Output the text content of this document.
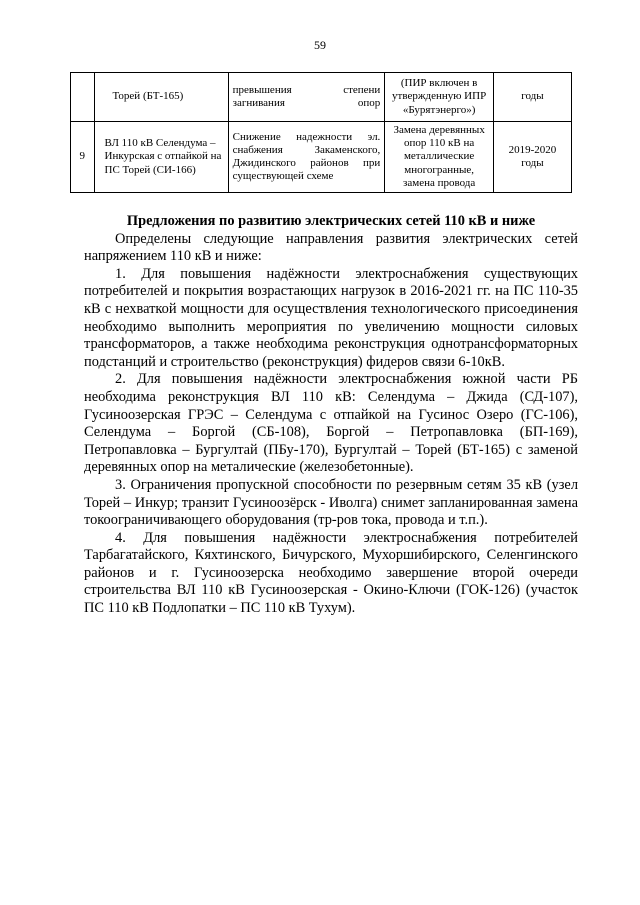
59
	Торей (БТ-165)	превышения степени загнивания опор	(ПИР включен в утвержденную ИПР «Бурятэнерго»)	годы
9	ВЛ 110 кВ Селендума – Инкурская с отпайкой на ПС Торей (СИ-166)	Снижение надежности эл. снабжения Закаменского, Джидинского районов при существующей схеме	Замена деревянных опор 110 кВ на металлические многогранные, замена провода	2019-2020 годы

Предложения по развитию электрических сетей 110 кВ и ниже

Определены следующие направления развития электрических сетей напряжением 110 кВ и ниже:

1. Для повышения надёжности электроснабжения существующих потребителей и покрытия возрастающих нагрузок в 2016-2021 гг. на ПС 110-35 кВ с нехваткой мощности для осуществления технологического присоединения необходимо выполнить мероприятия по увеличению мощности силовых трансформаторов, а также необходима реконструкция однотрансформаторных подстанций и строительство (реконструкция) фидеров связи 6-10кВ.

2. Для повышения надёжности электроснабжения южной части РБ необходима реконструкция ВЛ 110 кВ: Селендума – Джида (СД-107), Гусиноозерская ГРЭС – Селендума с отпайкой на Гусинос Озеро (ГС-106), Селендума – Боргой (СБ-108), Боргой – Петропавловка (БП-169), Петропавловка – Бургултай (ПБу-170), Бургултай – Торей (БТ-165) с заменой деревянных опор на металические (железобетонные).

3. Ограничения пропускной способности по резервным сетям 35 кВ (узел Торей – Инкур; транзит Гусиноозёрск - Иволга) снимет запланированная замена токоограничивающего оборудования (тр-ров тока, провода и т.п.).

4. Для повышения надёжности электроснабжения потребителей Тарбагатайского, Кяхтинского, Бичурского, Мухоршибирского, Селенгинского районов и г. Гусиноозерска необходимо завершение второй очереди строительства ВЛ 110 кВ Гусиноозерская - Окино-Ключи (ГОК-126) (участок ПС 110 кВ Подлопатки – ПС 110 кВ Тухум).
